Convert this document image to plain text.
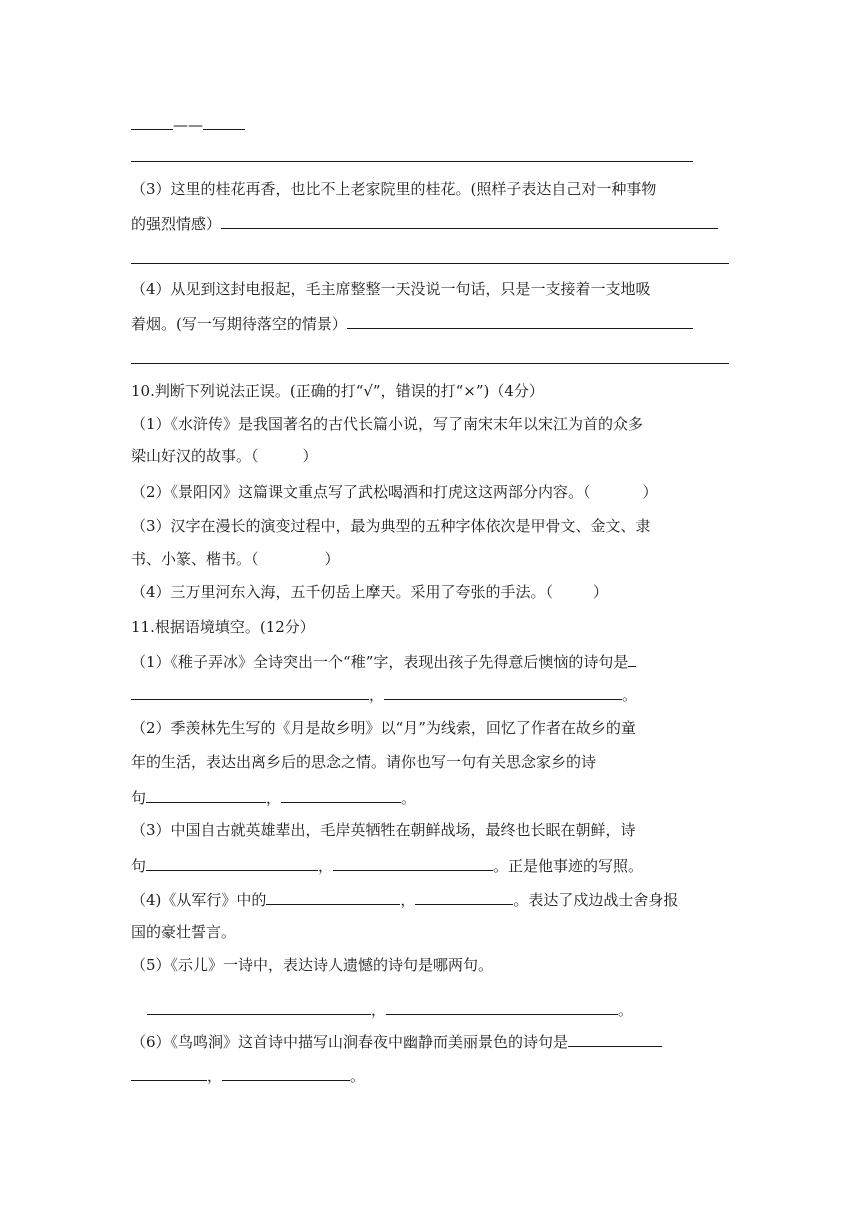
——
（3）这里的桂花再香，也比不上老家院里的桂花。(照样子表达自己对一种事物
的强烈情感）
（4）从见到这封电报起，毛主席整整一天没说一句话，只是一支接着一支地吸
着烟。(写一写期待落空的情景）
10.判断下列说法正误。(正确的打“√”，错误的打“×”)（4分）
（1）《水浒传》是我国著名的古代长篇小说，写了南宋末年以宋江为首的众多
梁山好汉的故事。（	）
（2）《景阳冈》这篇课文重点写了武松喝酒和打虎这这两部分内容。（	）
（3）汉字在漫长的演变过程中，最为典型的五种字体依次是甲骨文、金文、隶
书、小篆、楷书。（	）
（4）三万里河东入海，五千仞岳上摩天。采用了夸张的手法。（	）
11.根据语境填空。(12分）
（1）《稚子弄冰》全诗突出一个“稚”字，表现出孩子先得意后懊恼的诗句是
，	。
（2）季羡林先生写的《月是故乡明》以“月”为线索，回忆了作者在故乡的童
年的生活，表达出离乡后的思念之情。请你也写一句有关思念家乡的诗
句	，	。
（3）中国自古就英雄辈出，毛岸英牺牲在朝鲜战场，最终也长眠在朝鲜，诗
句	，	。正是他事迹的写照。
（4)《从军行》中的	，	。表达了戍边战士舍身报
国的豪壮誓言。
（5）《示儿》一诗中，表达诗人遗憾的诗句是哪两句。
，	。
（6）《鸟鸣涧》这首诗中描写山涧春夜中幽静而美丽景色的诗句是
，	。
